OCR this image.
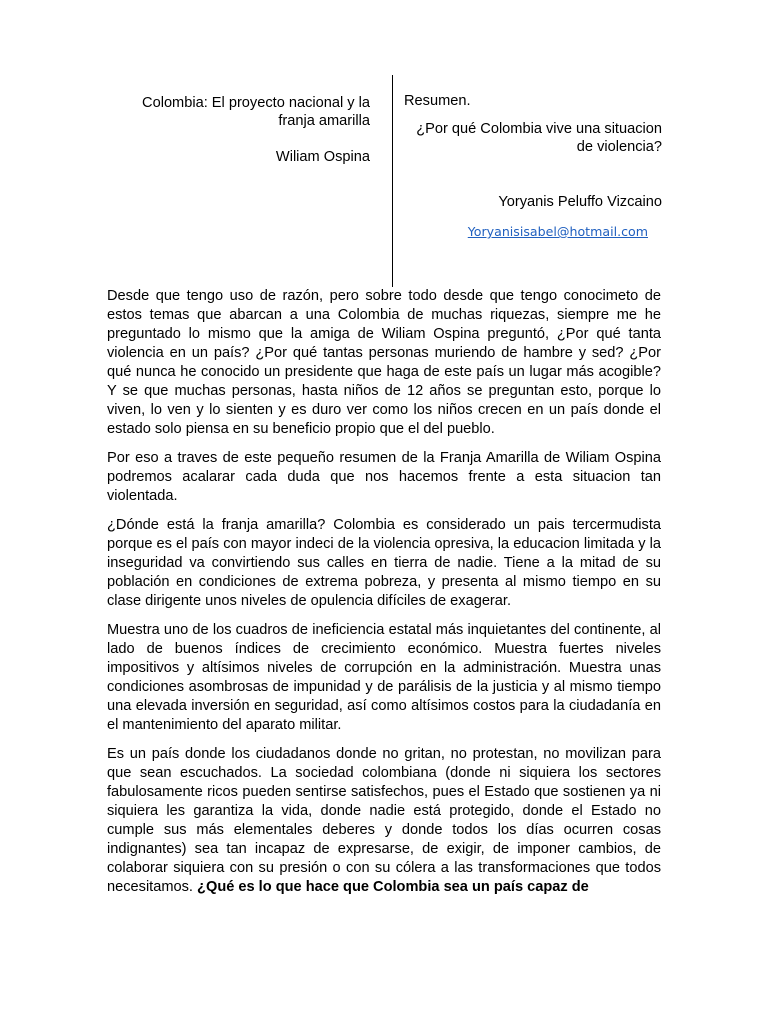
Colombia: El proyecto nacional y la franja amarilla
Wiliam Ospina
Resumen.
¿Por qué Colombia vive una situacion de violencia?
Yoryanis Peluffo Vizcaino
Yoryanisisabel@hotmail.com

Desde que tengo uso de razón, pero sobre todo desde que tengo conocimeto de estos temas que abarcan a una Colombia de muchas riquezas, siempre me he preguntado lo mismo que la amiga de Wiliam Ospina preguntó, ¿Por qué tanta violencia en un país? ¿Por qué tantas personas muriendo de hambre y sed? ¿Por qué nunca he conocido un presidente que haga de este país un lugar más acogible? Y se que muchas personas, hasta niños de 12 años se preguntan esto, porque lo viven, lo ven y lo sienten y es duro ver como los niños crecen en un país donde el estado solo piensa en su beneficio propio que el del pueblo.

Por eso a traves de este pequeño resumen de la Franja Amarilla de Wiliam Ospina podremos acalarar cada duda que nos hacemos frente a esta situacion tan violentada.

¿Dónde está la franja amarilla? Colombia es considerado un pais tercermudista porque es el país con mayor indeci de la violencia opresiva, la educacion limitada y la inseguridad va convirtiendo sus calles en tierra de nadie. Tiene a la mitad de su población en condiciones de extrema pobreza, y presenta al mismo tiempo en su clase dirigente unos niveles de opulencia difíciles de exagerar.

Muestra uno de los cuadros de ineficiencia estatal más inquietantes del continente, al lado de buenos índices de crecimiento económico. Muestra fuertes niveles impositivos y altísimos niveles de corrupción en la administración. Muestra unas condiciones asombrosas de impunidad y de parálisis de la justicia y al mismo tiempo una elevada inversión en seguridad, así como altísimos costos para la ciudadanía en el mantenimiento del aparato militar.

Es un país donde los ciudadanos donde no gritan, no protestan, no movilizan para que sean escuchados. La sociedad colombiana (donde ni siquiera los sectores fabulosamente ricos pueden sentirse satisfechos, pues el Estado que sostienen ya ni siquiera les garantiza la vida, donde nadie está protegido, donde el Estado no cumple sus más elementales deberes y donde todos los días ocurren cosas indignantes) sea tan incapaz de expresarse, de exigir, de imponer cambios, de colaborar siquiera con su presión o con su cólera a las transformaciones que todos necesitamos. ¿Qué es lo que hace que Colombia sea un país capaz de
